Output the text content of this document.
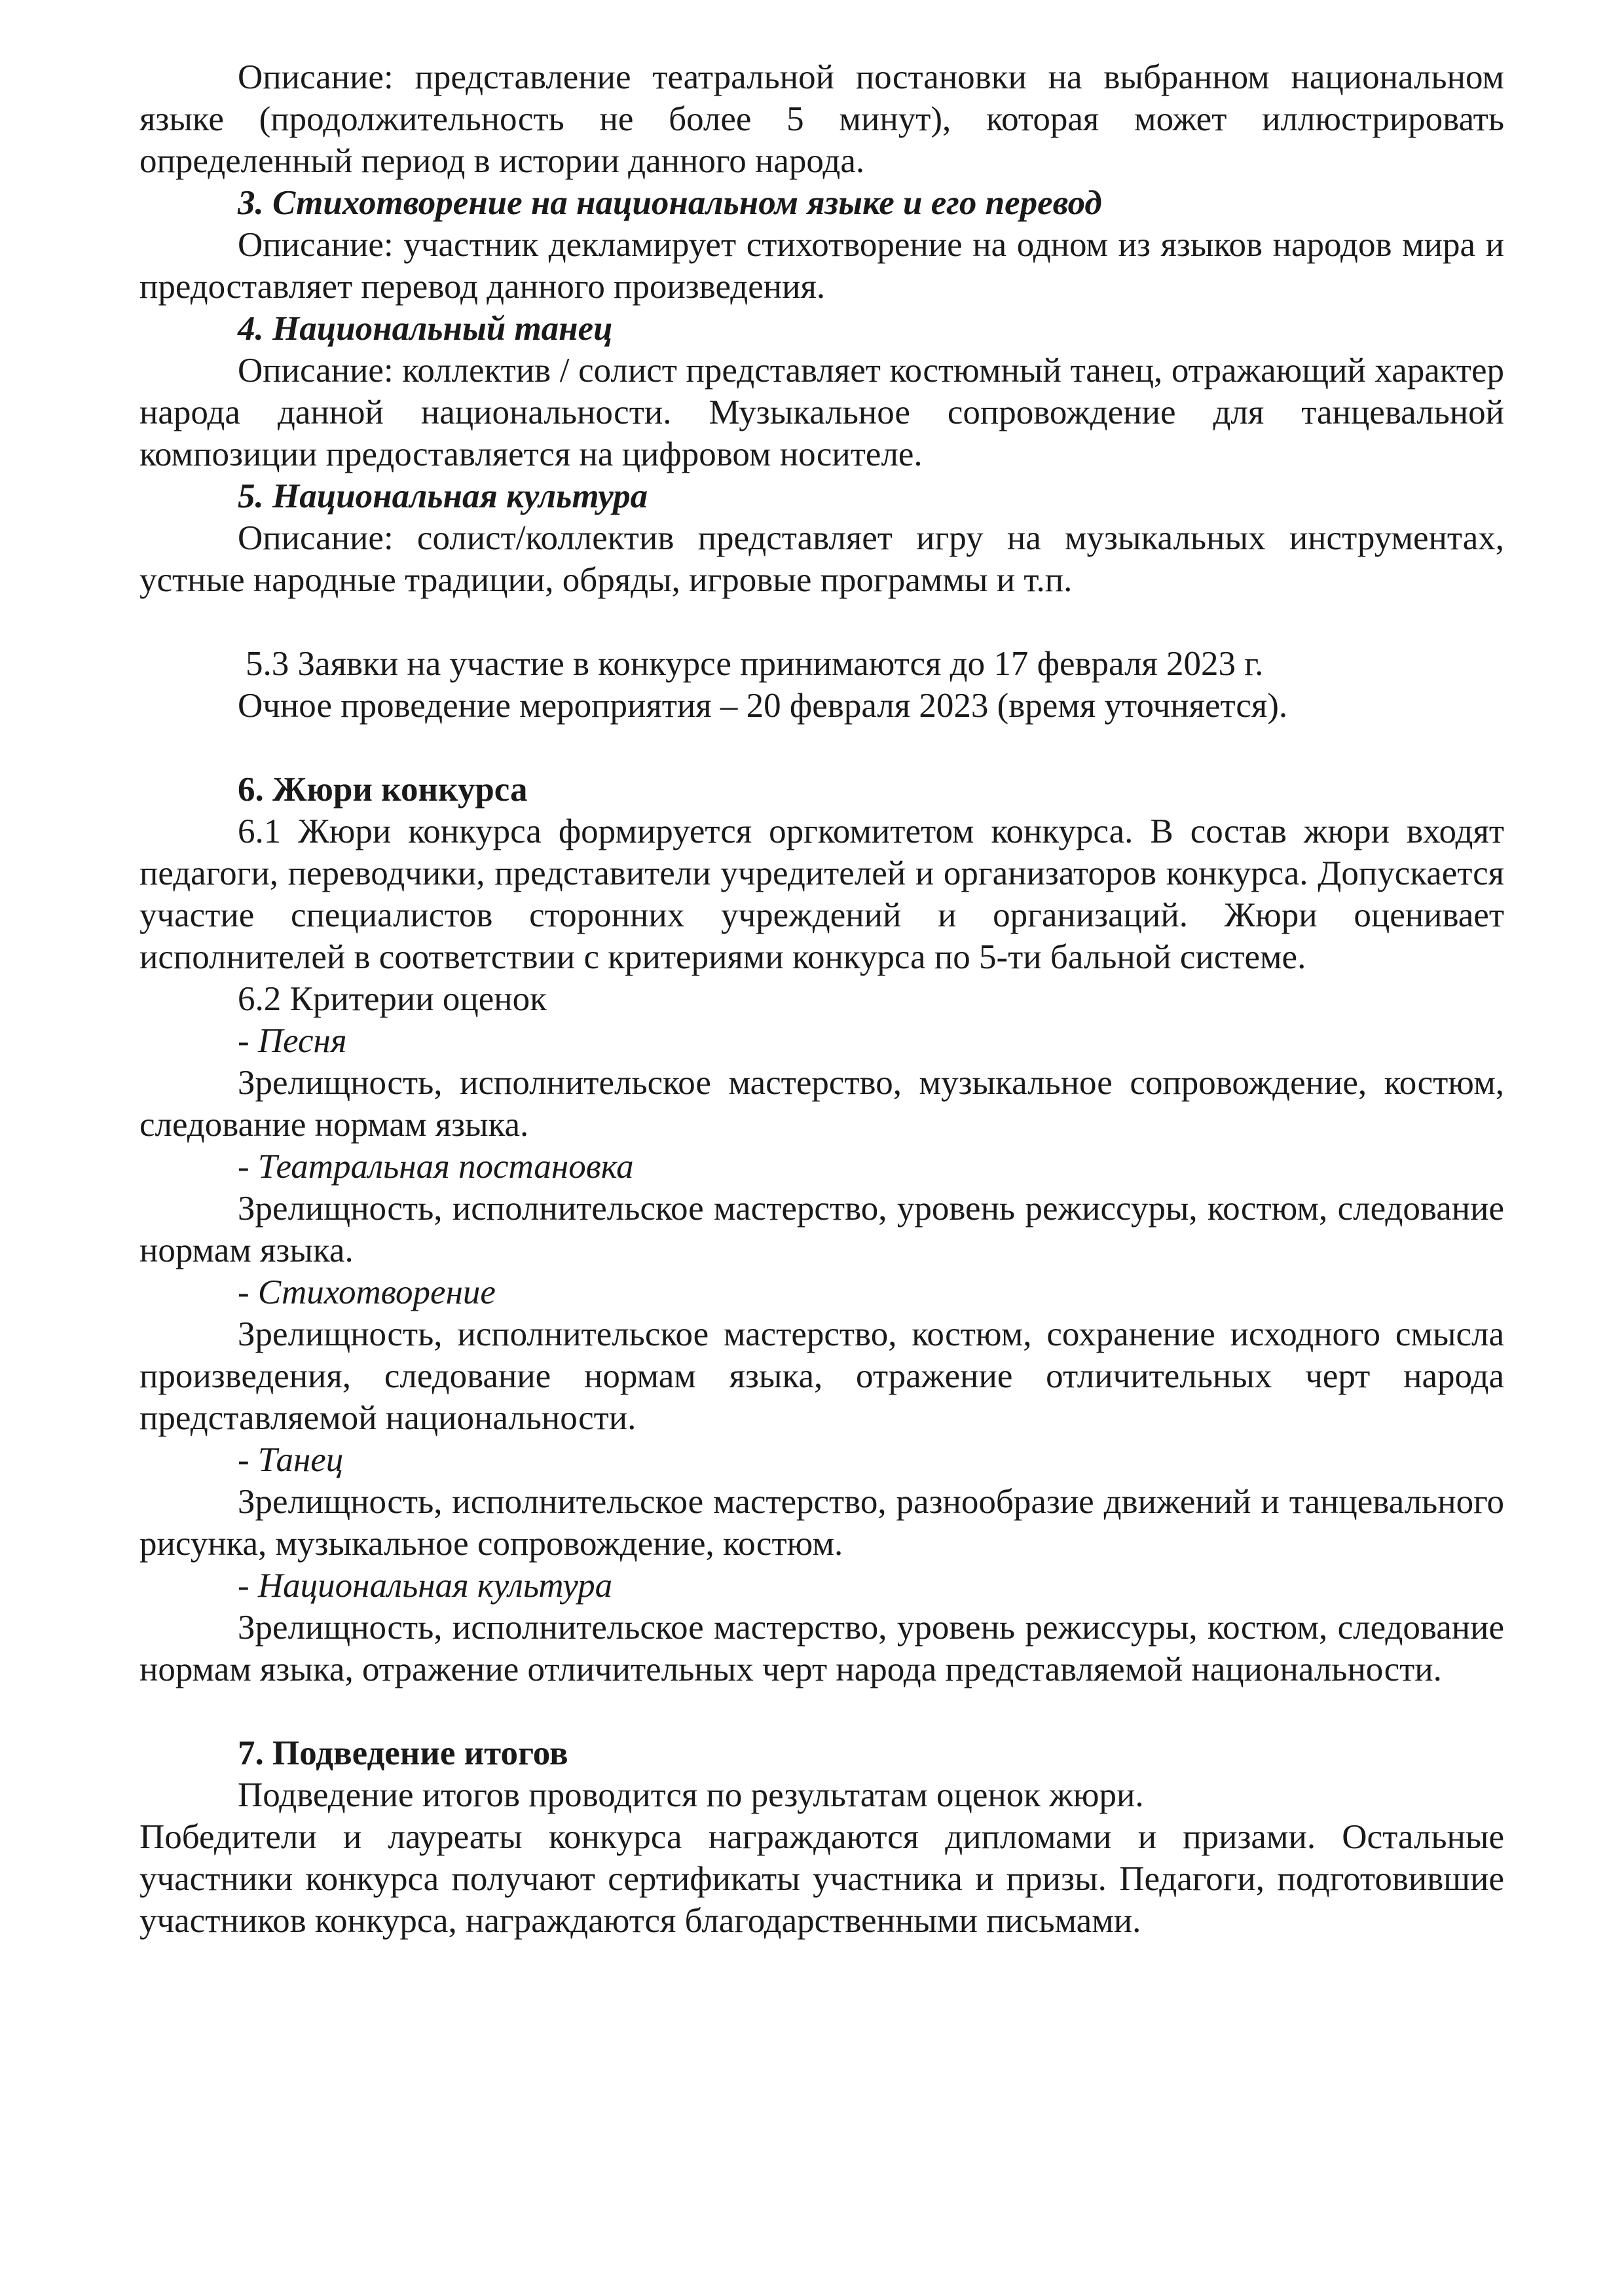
Описание: представление театральной постановки на выбранном национальном языке (продолжительность не более 5 минут), которая может иллюстрировать определенный период в истории данного народа.

3. Стихотворение на национальном языке и его перевод

Описание: участник декламирует стихотворение на одном из языков народов мира и предоставляет перевод данного произведения.

4. Национальный танец

Описание: коллектив / солист представляет костюмный танец, отражающий характер народа данной национальности. Музыкальное сопровождение для танцевальной композиции предоставляется на цифровом носителе.

5. Национальная культура

Описание: солист/коллектив представляет игру на музыкальных инструментах, устные народные традиции, обряды, игровые программы и т.п.

5.3 Заявки на участие в конкурсе принимаются до 17 февраля 2023 г.

Очное проведение мероприятия – 20 февраля 2023 (время уточняется).

6. Жюри конкурса

6.1 Жюри конкурса формируется оргкомитетом конкурса. В состав жюри входят педагоги, переводчики, представители учредителей и организаторов конкурса. Допускается участие специалистов сторонних учреждений и организаций. Жюри оценивает исполнителей в соответствии с критериями конкурса по 5-ти бальной системе.

6.2 Критерии оценок

- Песня

Зрелищность, исполнительское мастерство, музыкальное сопровождение, костюм, следование нормам языка.

- Театральная постановка

Зрелищность, исполнительское мастерство, уровень режиссуры, костюм, следование нормам языка.

- Стихотворение

Зрелищность, исполнительское мастерство, костюм, сохранение исходного смысла произведения, следование нормам языка, отражение отличительных черт народа представляемой национальности.

- Танец

Зрелищность, исполнительское мастерство, разнообразие движений и танцевального рисунка, музыкальное сопровождение, костюм.

- Национальная культура

Зрелищность, исполнительское мастерство, уровень режиссуры, костюм, следование нормам языка, отражение отличительных черт народа представляемой национальности.

7. Подведение итогов

Подведение итогов проводится по результатам оценок жюри.

Победители и лауреаты конкурса награждаются дипломами и призами. Остальные участники конкурса получают сертификаты участника и призы. Педагоги, подготовившие участников конкурса, награждаются благодарственными письмами.
